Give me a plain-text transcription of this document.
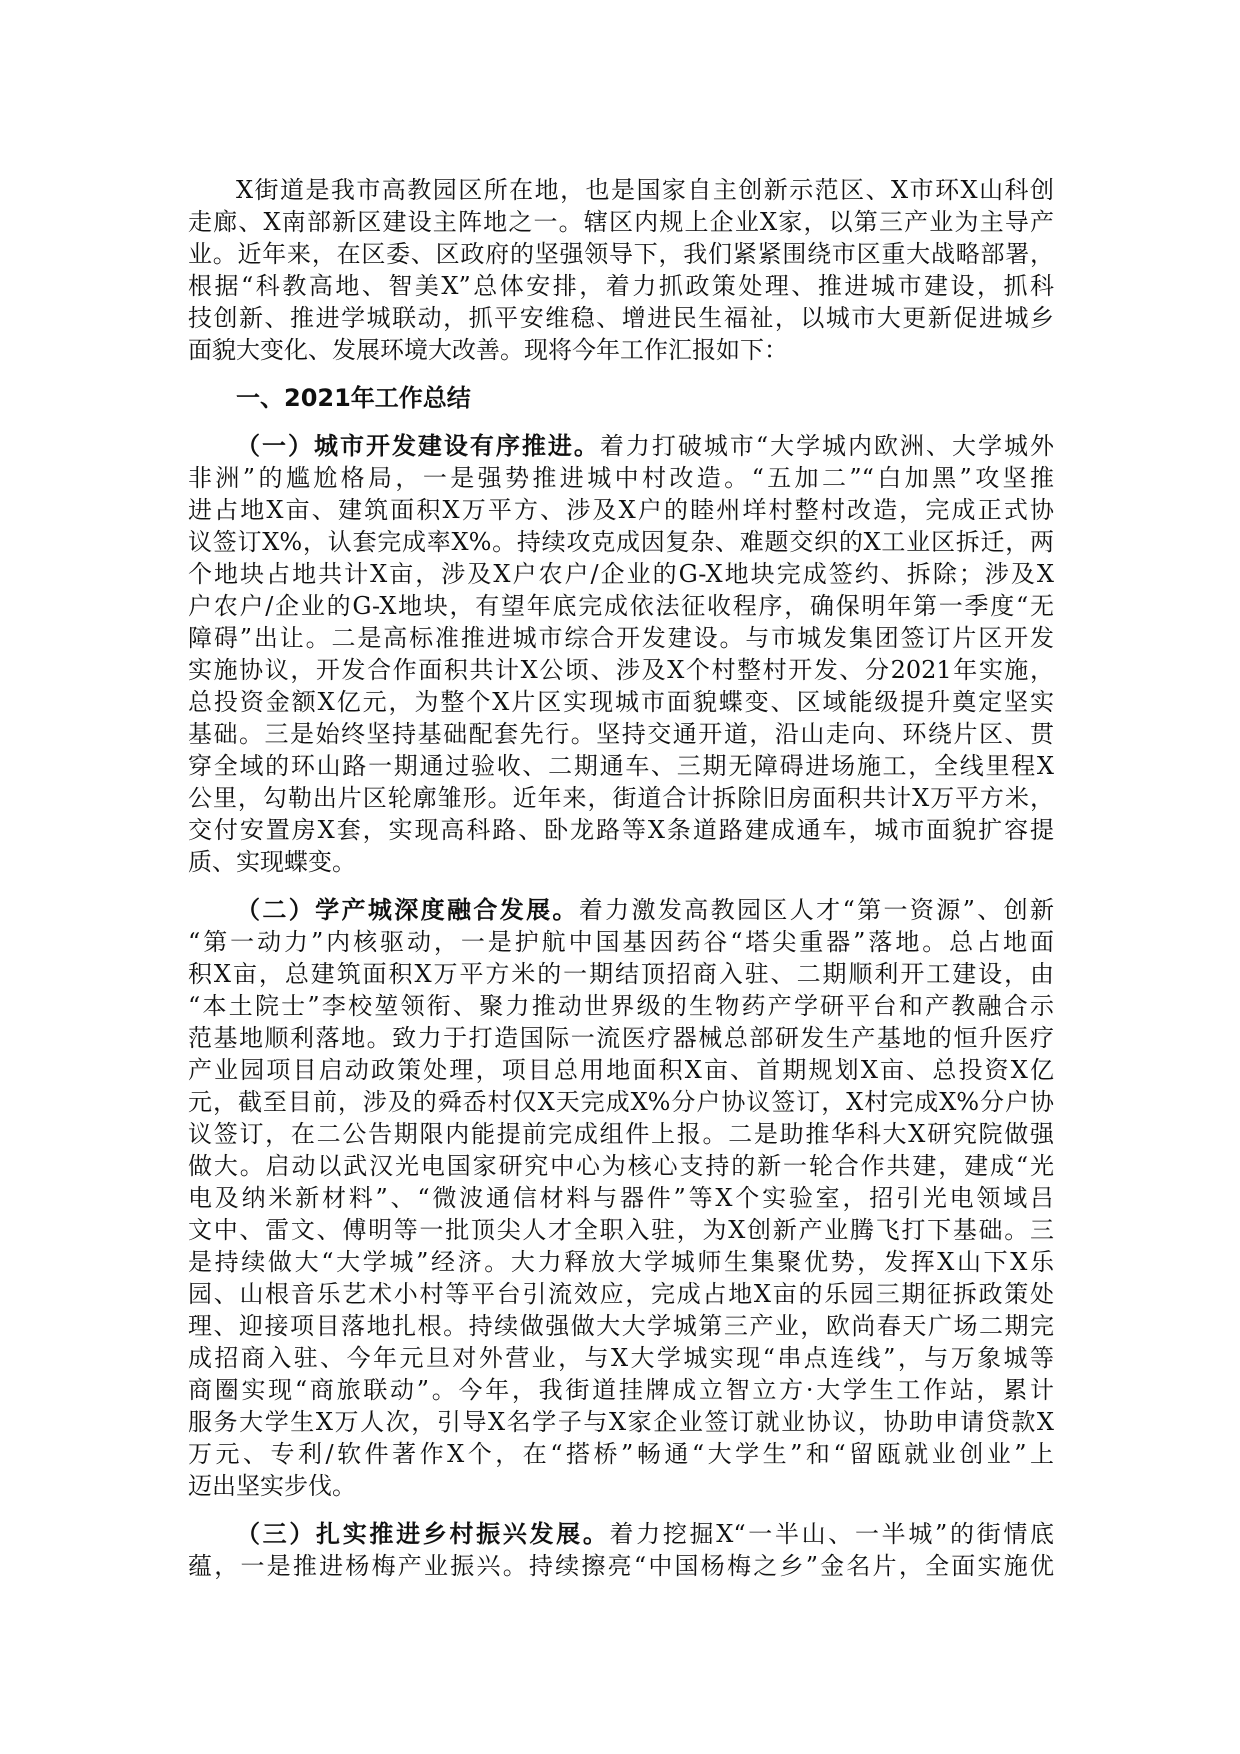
X街道是我市高教园区所在地，也是国家自主创新示范区、X市环X山科创
走廊、X南部新区建设主阵地之一。辖区内规上企业X家，以第三产业为主导产
业。近年来，在区委、区政府的坚强领导下，我们紧紧围绕市区重大战略部署，
根据“科教高地、智美X”总体安排，着力抓政策处理、推进城市建设，抓科
技创新、推进学城联动，抓平安维稳、增进民生福祉，以城市大更新促进城乡
面貌大变化、发展环境大改善。现将今年工作汇报如下：
一、2021年工作总结
（一）城市开发建设有序推进。着力打破城市“大学城内欧洲、大学城外
非洲”的尴尬格局，一是强势推进城中村改造。“五加二”“白加黑”攻坚推
进占地X亩、建筑面积X万平方、涉及X户的睦州垟村整村改造，完成正式协
议签订X%，认套完成率X%。持续攻克成因复杂、难题交织的X工业区拆迁，两
个地块占地共计X亩，涉及X户农户/企业的G-X地块完成签约、拆除；涉及X
户农户/企业的G-X地块，有望年底完成依法征收程序，确保明年第一季度“无
障碍”出让。二是高标准推进城市综合开发建设。与市城发集团签订片区开发
实施协议，开发合作面积共计X公顷、涉及X个村整村开发、分2021年实施，
总投资金额X亿元，为整个X片区实现城市面貌蝶变、区域能级提升奠定坚实
基础。三是始终坚持基础配套先行。坚持交通开道，沿山走向、环绕片区、贯
穿全域的环山路一期通过验收、二期通车、三期无障碍进场施工，全线里程X
公里，勾勒出片区轮廓雏形。近年来，街道合计拆除旧房面积共计X万平方米，
交付安置房X套，实现高科路、卧龙路等X条道路建成通车，城市面貌扩容提
质、实现蝶变。
（二）学产城深度融合发展。着力激发高教园区人才“第一资源”、创新
“第一动力”内核驱动，一是护航中国基因药谷“塔尖重器”落地。总占地面
积X亩，总建筑面积X万平方米的一期结顶招商入驻、二期顺利开工建设，由
“本土院士”李校堃领衔、聚力推动世界级的生物药产学研平台和产教融合示
范基地顺利落地。致力于打造国际一流医疗器械总部研发生产基地的恒升医疗
产业园项目启动政策处理，项目总用地面积X亩、首期规划X亩、总投资X亿
元，截至目前，涉及的舜岙村仅X天完成X%分户协议签订，X村完成X%分户协
议签订，在二公告期限内能提前完成组件上报。二是助推华科大X研究院做强
做大。启动以武汉光电国家研究中心为核心支持的新一轮合作共建，建成“光
电及纳米新材料”、“微波通信材料与器件”等X个实验室，招引光电领域吕
文中、雷文、傅明等一批顶尖人才全职入驻，为X创新产业腾飞打下基础。三
是持续做大“大学城”经济。大力释放大学城师生集聚优势，发挥X山下X乐
园、山根音乐艺术小村等平台引流效应，完成占地X亩的乐园三期征拆政策处
理、迎接项目落地扎根。持续做强做大大学城第三产业，欧尚春天广场二期完
成招商入驻、今年元旦对外营业，与X大学城实现“串点连线”，与万象城等
商圈实现“商旅联动”。今年，我街道挂牌成立智立方·大学生工作站，累计
服务大学生X万人次，引导X名学子与X家企业签订就业协议，协助申请贷款X
万元、专利/软件著作X个，在“搭桥”畅通“大学生”和“留瓯就业创业”上
迈出坚实步伐。
（三）扎实推进乡村振兴发展。着力挖掘X“一半山、一半城”的街情底
蕴，一是推进杨梅产业振兴。持续擦亮“中国杨梅之乡”金名片，全面实施优
